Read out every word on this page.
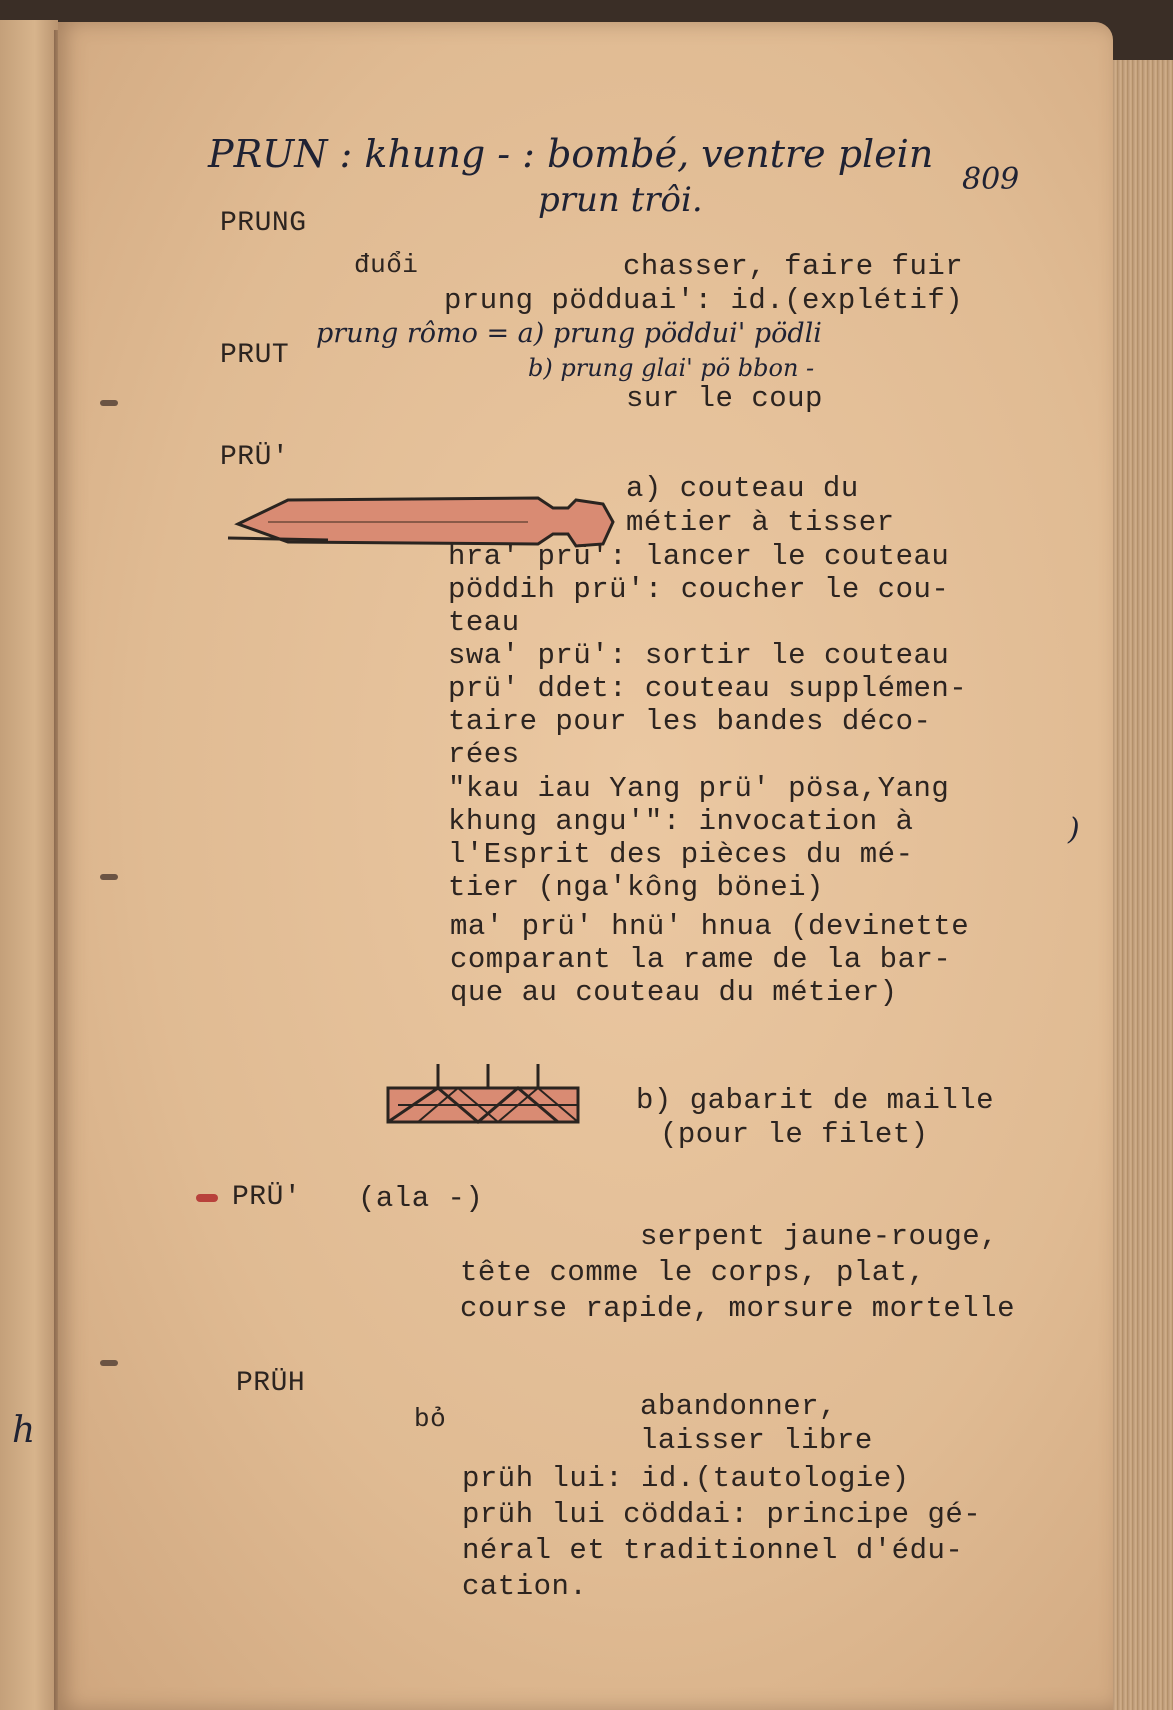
h
PRUN : khung - : bombé, ventre plein
prun trôi.
809
PRUNG
đuổi	chasser, faire fuir
prung pödduai': id.(explétif)
prung rômo = a) prung pöddui' pödli
b) prung glai' pö bbon -
PRUT
sur le coup
PRÜ'
a) couteau du
métier à tisser
hra' prü': lancer le couteau
pöddih prü': coucher le cou-
teau
swa' prü': sortir le couteau
prü' ddet: couteau supplémen-
taire pour les bandes déco-
rées
"kau iau Yang prü' pösa,Yang
khung angu'": invocation à
l'Esprit des pièces du mé-
tier (nga'kông bönei)
ma' prü' hnü' hnua (devinette
comparant la rame de la bar-
que au couteau du métier)
b) gabarit de maille
(pour le filet)
PRÜ' (ala -)
serpent jaune-rouge,
tête comme le corps, plat,
course rapide, morsure mortelle
PRÜH
bỏ	abandonner,
laisser libre
prüh lui: id.(tautologie)
prüh lui cöddai: principe gé-
néral et traditionnel d'édu-
cation.
)
